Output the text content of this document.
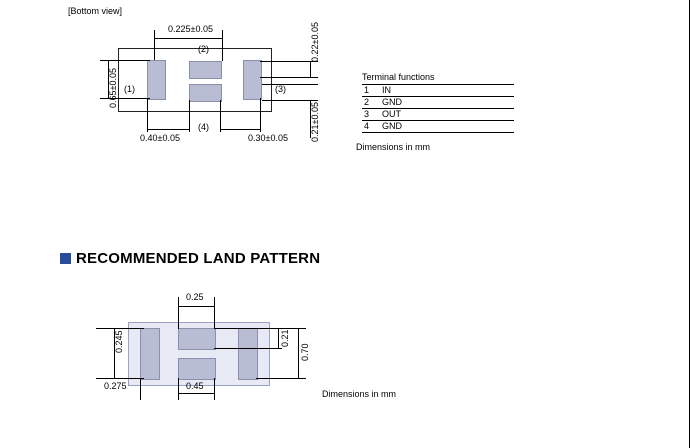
[Bottom view]
(1)
(2)
(3)
(4)
0.225±0.05	0.22±0.05
0.65±0.05
0.21±0.05
0.40±0.05	0.30±0.05
Terminal functions
1	IN
2	GND
3	OUT
4	GND
Dimensions in mm
RECOMMENDED LAND PATTERN
0.25
0.21
0.70
0.245
0.275	0.45
Dimensions in mm
